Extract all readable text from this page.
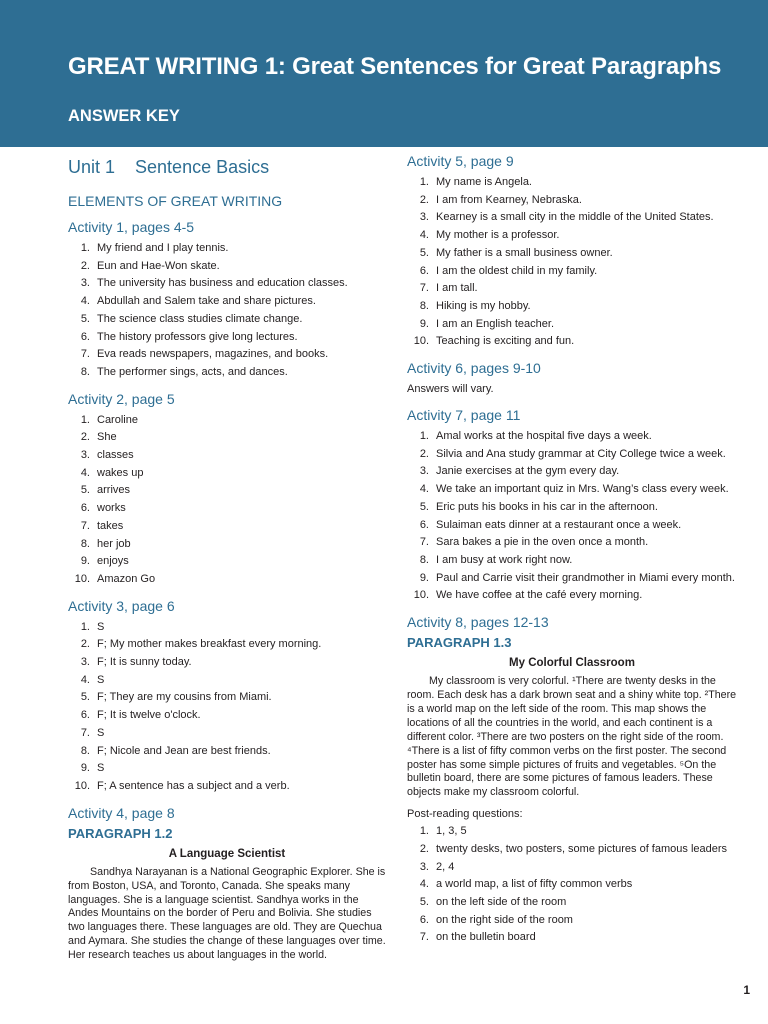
GREAT WRITING 1: Great Sentences for Great Paragraphs
ANSWER KEY
Unit 1 Sentence Basics
ELEMENTS OF GREAT WRITING
Activity 1, pages 4-5
1. My friend and I play tennis.
2. Eun and Hae-Won skate.
3. The university has business and education classes.
4. Abdullah and Salem take and share pictures.
5. The science class studies climate change.
6. The history professors give long lectures.
7. Eva reads newspapers, magazines, and books.
8. The performer sings, acts, and dances.
Activity 2, page 5
1. Caroline
2. She
3. classes
4. wakes up
5. arrives
6. works
7. takes
8. her job
9. enjoys
10. Amazon Go
Activity 3, page 6
1. S
2. F; My mother makes breakfast every morning.
3. F; It is sunny today.
4. S
5. F; They are my cousins from Miami.
6. F; It is twelve o'clock.
7. S
8. F; Nicole and Jean are best friends.
9. S
10. F; A sentence has a subject and a verb.
Activity 4, page 8
PARAGRAPH 1.2
A Language Scientist

Sandhya Narayanan is a National Geographic Explorer. She is from Boston, USA, and Toronto, Canada. She speaks many languages. She is a language scientist. Sandhya works in the Andes Mountains on the border of Peru and Bolivia. She studies two languages there. These languages are old. They are Quechua and Aymara. She studies the change of these languages over time. Her research teaches us about languages in the world.

Activity 5, page 9
1. My name is Angela.
2. I am from Kearney, Nebraska.
3. Kearney is a small city in the middle of the United States.
4. My mother is a professor.
5. My father is a small business owner.
6. I am the oldest child in my family.
7. I am tall.
8. Hiking is my hobby.
9. I am an English teacher.
10. Teaching is exciting and fun.
Activity 6, pages 9-10

Answers will vary.

Activity 7, page 11
1. Amal works at the hospital five days a week.
2. Silvia and Ana study grammar at City College twice a week.
3. Janie exercises at the gym every day.
4. We take an important quiz in Mrs. Wang’s class every week.
5. Eric puts his books in his car in the afternoon.
6. Sulaiman eats dinner at a restaurant once a week.
7. Sara bakes a pie in the oven once a month.
8. I am busy at work right now.
9. Paul and Carrie visit their grandmother in Miami every month.
10. We have coffee at the café every morning.
Activity 8, pages 12-13
PARAGRAPH 1.3
My Colorful Classroom

My classroom is very colorful. ¹There are twenty desks in the room. Each desk has a dark brown seat and a shiny white top. ²There is a world map on the left side of the room. This map shows the locations of all the countries in the world, and each continent is a different color. ³There are two posters on the right side of the room. ⁴There is a list of fifty common verbs on the first poster. The second poster has some simple pictures of fruits and vegetables. ⁵On the bulletin board, there are some pictures of famous leaders. These objects make my classroom colorful.

Post-reading questions:

1. 1, 3, 5
2. twenty desks, two posters, some pictures of famous leaders
3. 2, 4
4. a world map, a list of fifty common verbs
5. on the left side of the room
6. on the right side of the room
7. on the bulletin board
1
